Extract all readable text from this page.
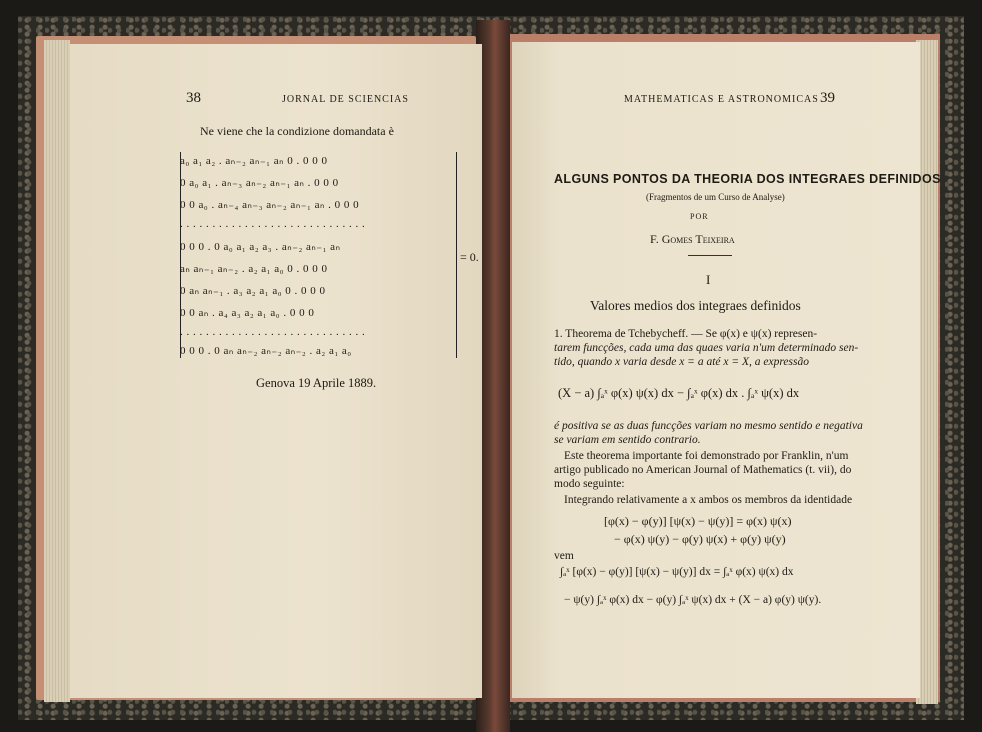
38	JORNAL DE SCIENCIAS
Ne viene che la condizione domandata è
a₀ a₁ a₂ . aₙ₋₂ aₙ₋₁ aₙ 0 . 0 0 0
0 a₀ a₁ . aₙ₋₃ aₙ₋₂ aₙ₋₁ aₙ . 0 0 0
0 0 a₀ . aₙ₋₄ aₙ₋₃ aₙ₋₂ aₙ₋₁ aₙ . 0 0 0
. . . . . . . . . . . . . . . . . . . . . . . . . . . . .
0 0 0 . 0 a₀ a₁ a₂ a₃ . aₙ₋₂ aₙ₋₁ aₙ
aₙ aₙ₋₁ aₙ₋₂ . a₂ a₁ a₀ 0 . 0 0 0
0 aₙ aₙ₋₁ . a₃ a₂ a₁ a₀ 0 . 0 0 0
0 0 aₙ . a₄ a₃ a₂ a₁ a₀ . 0 0 0
. . . . . . . . . . . . . . . . . . . . . . . . . . . . .
0 0 0 . 0 aₙ aₙ₋₂ aₙ₋₂ aₙ₋₂ . a₂ a₁ a₀
= 0.
Genova 19 Aprile 1889.
MATHEMATICAS E ASTRONOMICAS 39
ALGUNS PONTOS DA THEORIA DOS INTEGRAES DEFINIDOS
(Fragmentos de um Curso de Analyse)
POR
F. Gomes Teixeira
I
Valores medios dos integraes definidos
1. Theorema de Tchebycheff. — Se φ(x) e ψ(x) represen-
tarem funcções, cada uma das quaes varia n'um determinado sen-
tido, quando x varia desde x = a até x = X, a expressão
(X − a) ∫ₐˣ φ(x) ψ(x) dx − ∫ₐˣ φ(x) dx . ∫ₐˣ ψ(x) dx
é positiva se as duas funcções variam no mesmo sentido e negativa
se variam em sentido contrario.
Este theorema importante foi demonstrado por Franklin, n'um
artigo publicado no American Journal of Mathematics (t. vii), do
modo seguinte:
Integrando relativamente a x ambos os membros da identidade
[φ(x) − φ(y)] [ψ(x) − ψ(y)] = φ(x) ψ(x)
− φ(x) ψ(y) − φ(y) ψ(x) + φ(y) ψ(y)
vem
∫ₐˣ [φ(x) − φ(y)] [ψ(x) − ψ(y)] dx = ∫ₐˣ φ(x) ψ(x) dx
− ψ(y) ∫ₐˣ φ(x) dx − φ(y) ∫ₐˣ ψ(x) dx + (X − a) φ(y) ψ(y).
